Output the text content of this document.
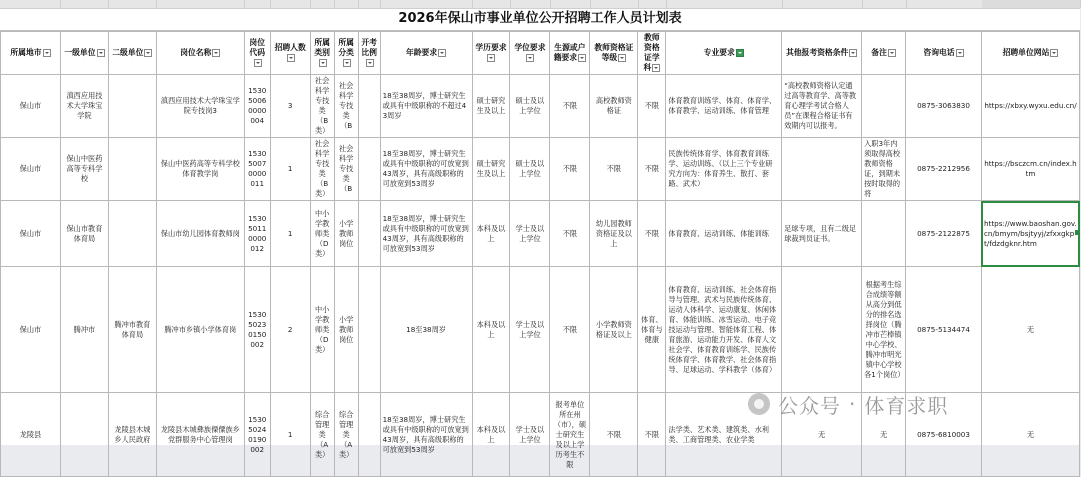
2026年保山市事业单位公开招聘工作人员计划表
所属地市	一级单位	二级单位	岗位名称	岗位代码	招聘人数	所属类别	所属分类	开考比例	年龄要求	学历要求	学位要求	生源或户籍要求	教师资格证等级	教师资格证学科	专业要求	其他报考资格条件	备注	咨询电话	招聘单位网站
保山市	滇西应用技术大学珠宝学院		滇西应用技术大学珠宝学院专技岗3	153050060000004	3	社会科学专技类（B类）	社会科学专技类（B		18至38周岁，博士研究生或具有中级职称的不超过43周岁	硕士研究生及以上	硕士及以上学位	不限	高校教师资格证	不限	体育教育训练学、体育、体育学、体育教学、运动训练、体育管理	“高校教师资格认定通过高等教育学、高等教育心理学考试合格人员”在课程合格证书有效期内可以报考。		0875-3063830	https://xbxy.wyxu.edu.cn/
保山市	保山中医药高等专科学校		保山中医药高等专科学校体育教学岗	153050070000011	1	社会科学专技类（B类）	社会科学专技类（B		18至38周岁，博士研究生或具有中级职称的可放宽到43周岁，具有高级职称的可放宽到53周岁	硕士研究生及以上	硕士及以上学位	不限	不限	不限	民族传统体育学、体育教育训练学、运动训练、（以上三个专业研究方向为：体育养生、散打、套路、武术）		入职3年内须取得高校教师资格证，到期未按时取得的将	0875-2212956	https://bsczcm.cn/index.htm
保山市	保山市教育体育局		保山市幼儿园体育教师岗	153050110000012	1	中小学教师类（D类）	小学教师岗位		18至38周岁，博士研究生或具有中级职称的可放宽到43周岁，具有高级职称的可放宽到53周岁	本科及以上	学士及以上学位	不限	幼儿园教师资格证及以上	不限	体育教育、运动训练、体能训练	足球专项，且有二级足球裁判员证书。		0875-2122875	https://www.baoshan.gov.cn/bmym/bsjtyyj/zfxxgkpt/fdzdgknr.htm
保山市	腾冲市	腾冲市教育体育局	腾冲市乡镇小学体育岗	153050230150002	2	中小学教师类（D类）	小学教师岗位		18至38周岁	本科及以上	学士及以上学位	不限	小学教师资格证及以上	体育、体育与健康	体育教育、运动训练、社会体育指导与管理、武术与民族传统体育、运动人体科学、运动康复、休闲体育、体能训练、冰雪运动、电子竞技运动与管理、智能体育工程、体育旅游、运动能力开发、体育人文社会学、体育教育训练学、民族传统体育学、体育教学、社会体育指导、足球运动、学科教学（体育）		根据考生综合成绩等额从高分到低分的排名选择岗位（腾冲市芒棒镇中心学校、腾冲市明光镇中心学校各1个岗位）	0875-5134474	无
龙陵县		龙陵县木城乡人民政府	龙陵县木城彝族傈僳族乡党群服务中心管理岗	153050240190002	1	综合管理类（A类）	综合管理类（A类）		18至38周岁，博士研究生或具有中级职称的可放宽到43周岁，具有高级职称的可放宽到53周岁	本科及以上	学士及以上学位	报考单位所在州（市），硕士研究生及以上学历考生不限	不限	不限	法学类、艺术类、建筑类、水利类、工商管理类、农业学类	无	无	0875-6810003	无
公众号 · 体育求职
